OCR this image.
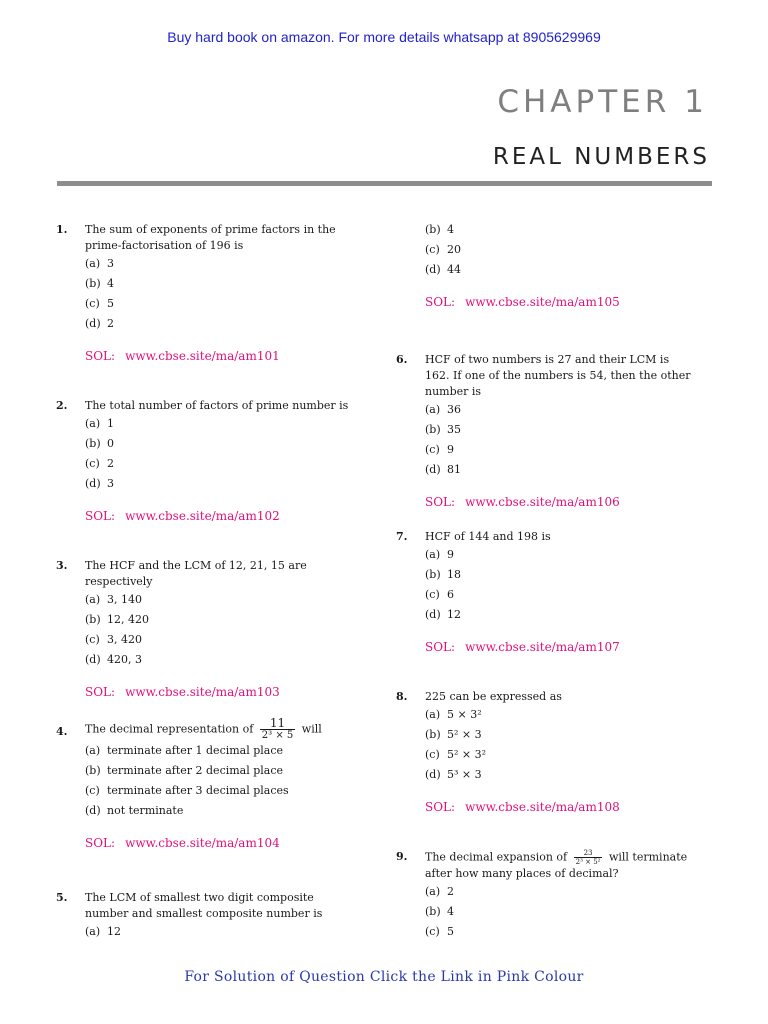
Buy hard book on amazon. For more details whatsapp at 8905629969
CHAPTER 1
REAL NUMBERS
1. The sum of exponents of prime factors in the prime-factorisation of 196 is
(a) 3
(b) 4
(c) 5
(d) 2
SOL: www.cbse.site/ma/am101
2. The total number of factors of prime number is
(a) 1
(b) 0
(c) 2
(d) 3
SOL: www.cbse.site/ma/am102
3. The HCF and the LCM of 12, 21, 15 are respectively
(a) 3, 140
(b) 12, 420
(c) 3, 420
(d) 420, 3
SOL: www.cbse.site/ma/am103
4. The decimal representation of $\frac{11}{\text{2³ × 5}}$ will
(a) terminate after 1 decimal place
(b) terminate after 2 decimal place
(c) terminate after 3 decimal places
(d) not terminate
SOL: www.cbse.site/ma/am104
5. The LCM of smallest two digit composite number and smallest composite number is
(a) 12
(b) 4
(c) 20
(d) 44
SOL: www.cbse.site/ma/am105
6. HCF of two numbers is 27 and their LCM is 162. If one of the numbers is 54, then the other number is
(a) 36
(b) 35
(c) 9
(d) 81
SOL: www.cbse.site/ma/am106
7. HCF of 144 and 198 is
(a) 9
(b) 18
(c) 6
(d) 12
SOL: www.cbse.site/ma/am107
8. 225 can be expressed as
(a) 5 × 3²
(b) 5² × 3
(c) 5² × 3²
(d) 5³ × 3
SOL: www.cbse.site/ma/am108
9. The decimal expansion of $\frac{23}{\text{2³ × 5²}}$ will terminate after how many places of decimal?
(a) 2
(b) 4
(c) 5
For Solution of Question Click the Link in Pink Colour
